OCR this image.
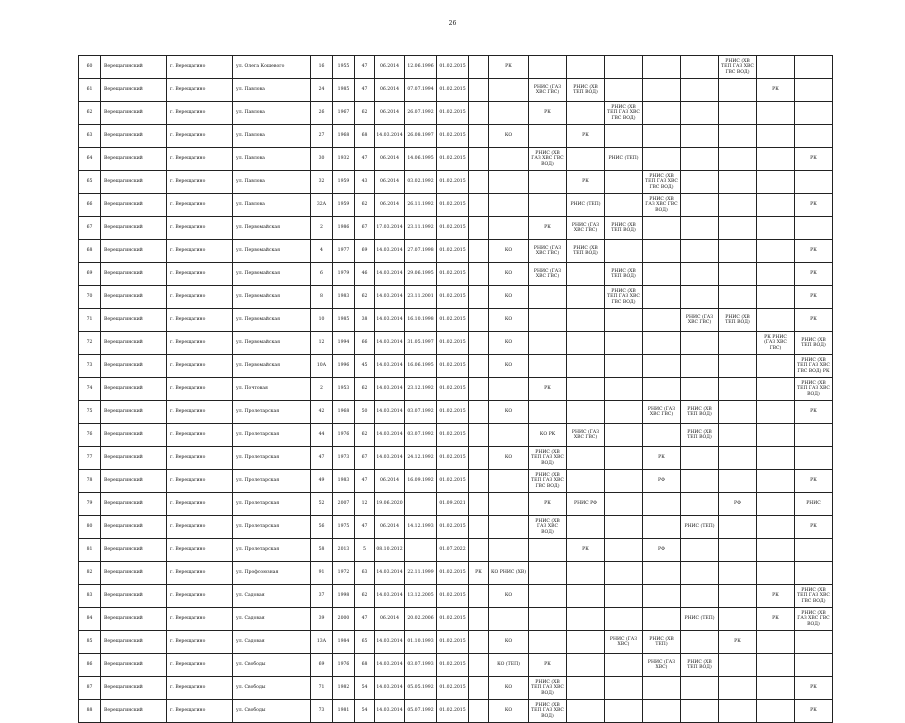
26
60	Верещагинский	г. Верещагино	ул. Олега Кошевого	16	1955	47	06.2014	12.06.1996	01.02.2015		РК						РНИС (ХВ ТЕП ГАЗ ХВС ГВС ВОД)		
61	Верещагинский	г. Верещагино	ул. Павлова	24	1985	47	06.2014	07.07.1994	01.02.2015			РНИС (ГАЗ ХВС ГВС)	РНИС (ХВ ТЕП ВОД)					РК	
62	Верещагинский	г. Верещагино	ул. Павлова	26	1967	62	06.2014	26.07.1992	01.02.2015			РК		РНИС (ХВ ТЕП ГАЗ ХВС ГВС ВОД)					
63	Верещагинский	г. Верещагино	ул. Павлова	27	1968	68	14.03.2014	26.08.1997	01.02.2015		КО		РК						
64	Верещагинский	г. Верещагино	ул. Павлова	30	1932	47	06.2014	14.06.1995	01.02.2015			РНИС (ХВ ГАЗ ХВС ГВС ВОД)		РНИС (ТЕП)					РК
65	Верещагинский	г. Верещагино	ул. Павлова	32	1959	43	06.2014	03.02.1992	01.02.2015				РК		РНИС (ХВ ТЕП ГАЗ ХВС ГВС ВОД)				
66	Верещагинский	г. Верещагино	ул. Павлова	32А	1959	62	06.2014	26.11.1992	01.02.2015				РНИС (ТЕП)		РНИС (ХВ ГАЗ ХВС ГВС ВОД)				РК
67	Верещагинский	г. Верещагино	ул. Первомайская	2	1986	67	17.03.2014	23.11.1992	01.02.2015			РК	РНИС (ГАЗ ХВС ГВС)	РНИС (ХВ ТЕП ВОД)					
68	Верещагинский	г. Верещагино	ул. Первомайская	4	1977	69	14.03.2014	27.07.1998	01.02.2015		КО	РНИС (ГАЗ ХВС ГВС)	РНИС (ХВ ТЕП ВОД)						РК
69	Верещагинский	г. Верещагино	ул. Первомайская	6	1979	46	14.03.2014	29.06.1995	01.02.2015		КО	РНИС (ГАЗ ХВС ГВС)		РНИС (ХВ ТЕП ВОД)					РК
70	Верещагинский	г. Верещагино	ул. Первомайская	8	1983	62	14.03.2014	23.11.2001	01.02.2015		КО			РНИС (ХВ ТЕП ГАЗ ХВС ГВС ВОД)					РК
71	Верещагинский	г. Верещагино	ул. Первомайская	10	1985	38	14.03.2014	16.10.1998	01.02.2015		КО					РНИС (ГАЗ ХВС ГВС)	РНИС (ХВ ТЕП ВОД)		РК
72	Верещагинский	г. Верещагино	ул. Первомайская	12	1994	66	14.03.2014	31.05.1997	01.02.2015		КО							РК РНИС (ГАЗ ХВС ГВС)	РНИС (ХВ ТЕП ВОД)
73	Верещагинский	г. Верещагино	ул. Первомайская	10А	1996	45	14.03.2014	16.06.1995	01.02.2015		КО								РНИС (ХВ ТЕП ГАЗ ХВС ГВС ВОД) РК
74	Верещагинский	г. Верещагино	ул. Почтовая	2	1953	62	14.03.2014	23.12.1992	01.02.2015			РК							РНИС (ХВ ТЕП ГАЗ ХВС ВОД)
75	Верещагинский	г. Верещагино	ул. Пролетарская	42	1968	50	14.03.2014	03.07.1992	01.02.2015		КО				РНИС (ГАЗ ХВС ГВС)	РНИС (ХВ ТЕП ВОД)			РК
76	Верещагинский	г. Верещагино	ул. Пролетарская	44	1976	62	14.03.2014	03.07.1992	01.02.2015			КО РК	РНИС (ГАЗ ХВС ГВС)			РНИС (ХВ ТЕП ВОД)			
77	Верещагинский	г. Верещагино	ул. Пролетарская	47	1973	67	14.03.2014	24.12.1992	01.02.2015		КО	РНИС (ХВ ТЕП ГАЗ ХВС ВОД)			РК				
78	Верещагинский	г. Верещагино	ул. Пролетарская	49	1983	47	06.2014	16.09.1992	01.02.2015			РНИС (ХВ ТЕП ГАЗ ХВС ГВС ВОД)			РФ				РК
79	Верещагинский	г. Верещагино	ул. Пролетарская	52	2007	12	19.06.2020		01.09.2021			РК	РНИС РФ				РФ		РНИС
80	Верещагинский	г. Верещагино	ул. Пролетарская	56	1975	47	06.2014	14.12.1993	01.02.2015			РНИС (ХВ ГАЗ ХВС ВОД)				РНИС (ТЕП)			РК
81	Верещагинский	г. Верещагино	ул. Пролетарская	58	2013	5	08.10.2012		01.07.2022				РК		РФ				
82	Верещагинский	г. Верещагино	ул. Профсоюзная	91	1972	63	14.03.2014	22.11.1999	01.02.2015	РК	КО РНИС (ХВ)								
83	Верещагинский	г. Верещагино	ул. Садовая	37	1998	62	14.03.2014	13.12.2005	01.02.2015		КО							РК	РНИС (ХВ ТЕП ГАЗ ХВС ГВС ВОД)
84	Верещагинский	г. Верещагино	ул. Садовая	39	2000	47	06.2014	20.02.2006	01.02.2015							РНИС (ТЕП)		РК	РНИС (ХВ ГАЗ ХВС ГВС ВОД)
85	Верещагинский	г. Верещагино	ул. Садовая	13А	1984	65	14.03.2014	01.10.1993	01.02.2015		КО			РНИС (ГАЗ ХВС)	РНИС (ХВ ТЕП)		РК		
86	Верещагинский	г. Верещагино	ул. Свободы	69	1976	68	14.03.2014	03.07.1993	01.02.2015		КО (ТЕП)	РК			РНИС (ГАЗ ХВС)	РНИС (ХВ ТЕП ВОД)			
87	Верещагинский	г. Верещагино	ул. Свободы	71	1982	54	14.03.2014	05.05.1992	01.02.2015		КО	РНИС (ХВ ТЕП ГАЗ ХВС ВОД)							РК
88	Верещагинский	г. Верещагино	ул. Свободы	73	1981	54	14.03.2014	05.07.1992	01.02.2015		КО	РНИС (ХВ ТЕП ГАЗ ХВС ВОД)							РК
